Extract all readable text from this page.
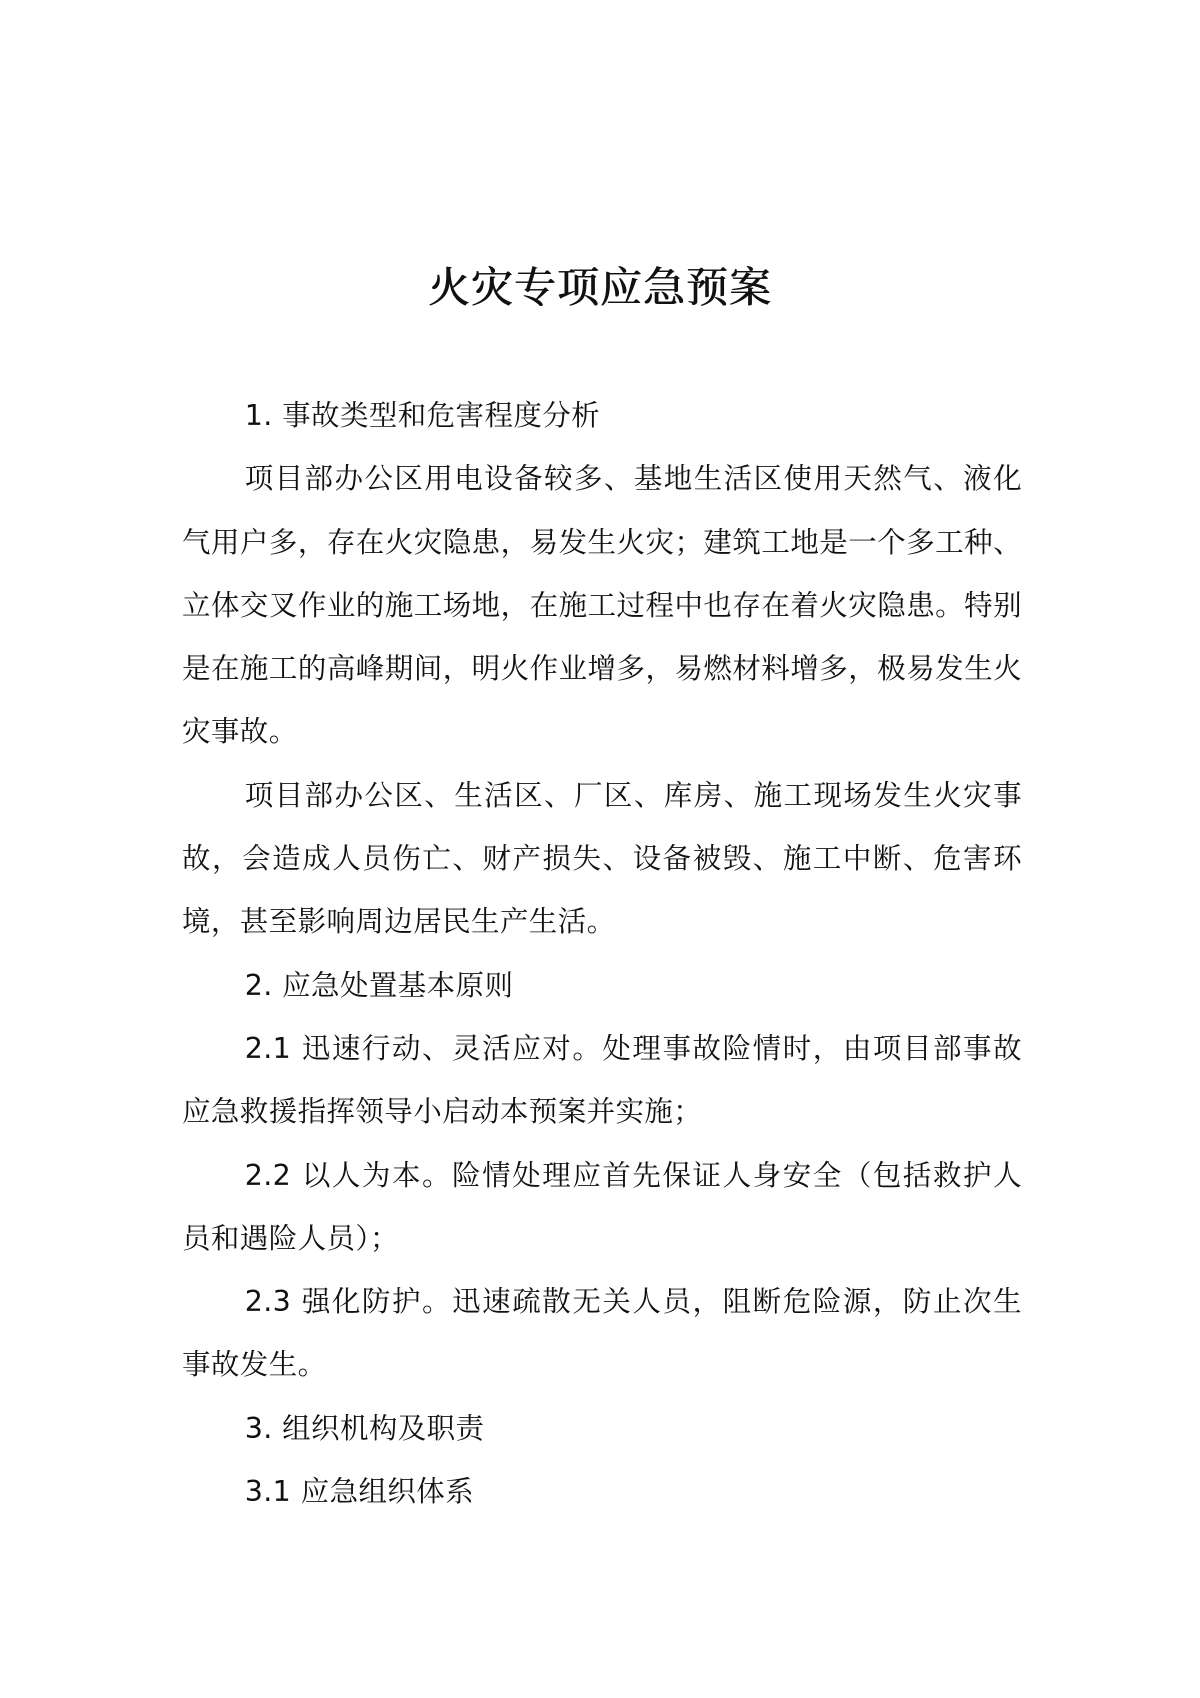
火灾专项应急预案

1. 事故类型和危害程度分析

项目部办公区用电设备较多、基地生活区使用天然气、液化气用户多，存在火灾隐患，易发生火灾；建筑工地是一个多工种、立体交叉作业的施工场地，在施工过程中也存在着火灾隐患。特别是在施工的高峰期间，明火作业增多，易燃材料增多，极易发生火灾事故。

项目部办公区、生活区、厂区、库房、施工现场发生火灾事故，会造成人员伤亡、财产损失、设备被毁、施工中断、危害环境，甚至影响周边居民生产生活。

2. 应急处置基本原则

2.1 迅速行动、灵活应对。处理事故险情时，由项目部事故应急救援指挥领导小启动本预案并实施；

2.2 以人为本。险情处理应首先保证人身安全（包括救护人员和遇险人员）；

2.3 强化防护。迅速疏散无关人员，阻断危险源，防止次生事故发生。

3. 组织机构及职责

3.1 应急组织体系
